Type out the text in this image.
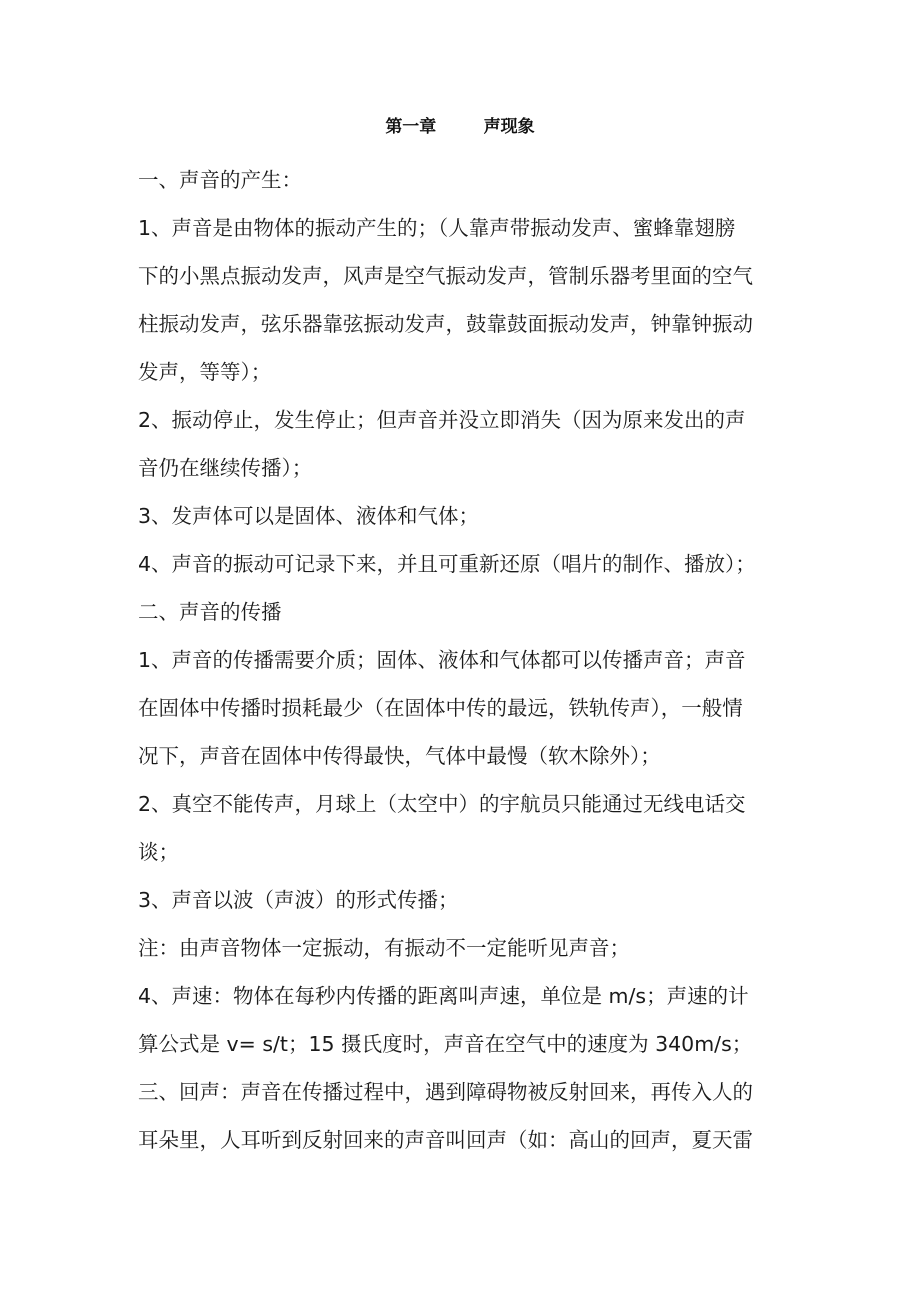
第一章        声现象
一、声音的产生：
1、声音是由物体的振动产生的；（人靠声带振动发声、蜜蜂靠翅膀
下的小黑点振动发声，风声是空气振动发声，管制乐器考里面的空气
柱振动发声，弦乐器靠弦振动发声，鼓靠鼓面振动发声，钟靠钟振动
发声，等等）；
2、振动停止，发生停止；但声音并没立即消失（因为原来发出的声
音仍在继续传播）；
3、发声体可以是固体、液体和气体；
4、声音的振动可记录下来，并且可重新还原（唱片的制作、播放）；
二、声音的传播
1、声音的传播需要介质；固体、液体和气体都可以传播声音；声音
在固体中传播时损耗最少（在固体中传的最远，铁轨传声），一般情
况下，声音在固体中传得最快，气体中最慢（软木除外）；
2、真空不能传声，月球上（太空中）的宇航员只能通过无线电话交
谈；
3、声音以波（声波）的形式传播；
注：由声音物体一定振动，有振动不一定能听见声音；
4、声速：物体在每秒内传播的距离叫声速，单位是 m/s；声速的计
算公式是 v= s/t；15 摄氏度时，声音在空气中的速度为 340m/s；
三、回声：声音在传播过程中，遇到障碍物被反射回来，再传入人的
耳朵里，人耳听到反射回来的声音叫回声（如：高山的回声，夏天雷
